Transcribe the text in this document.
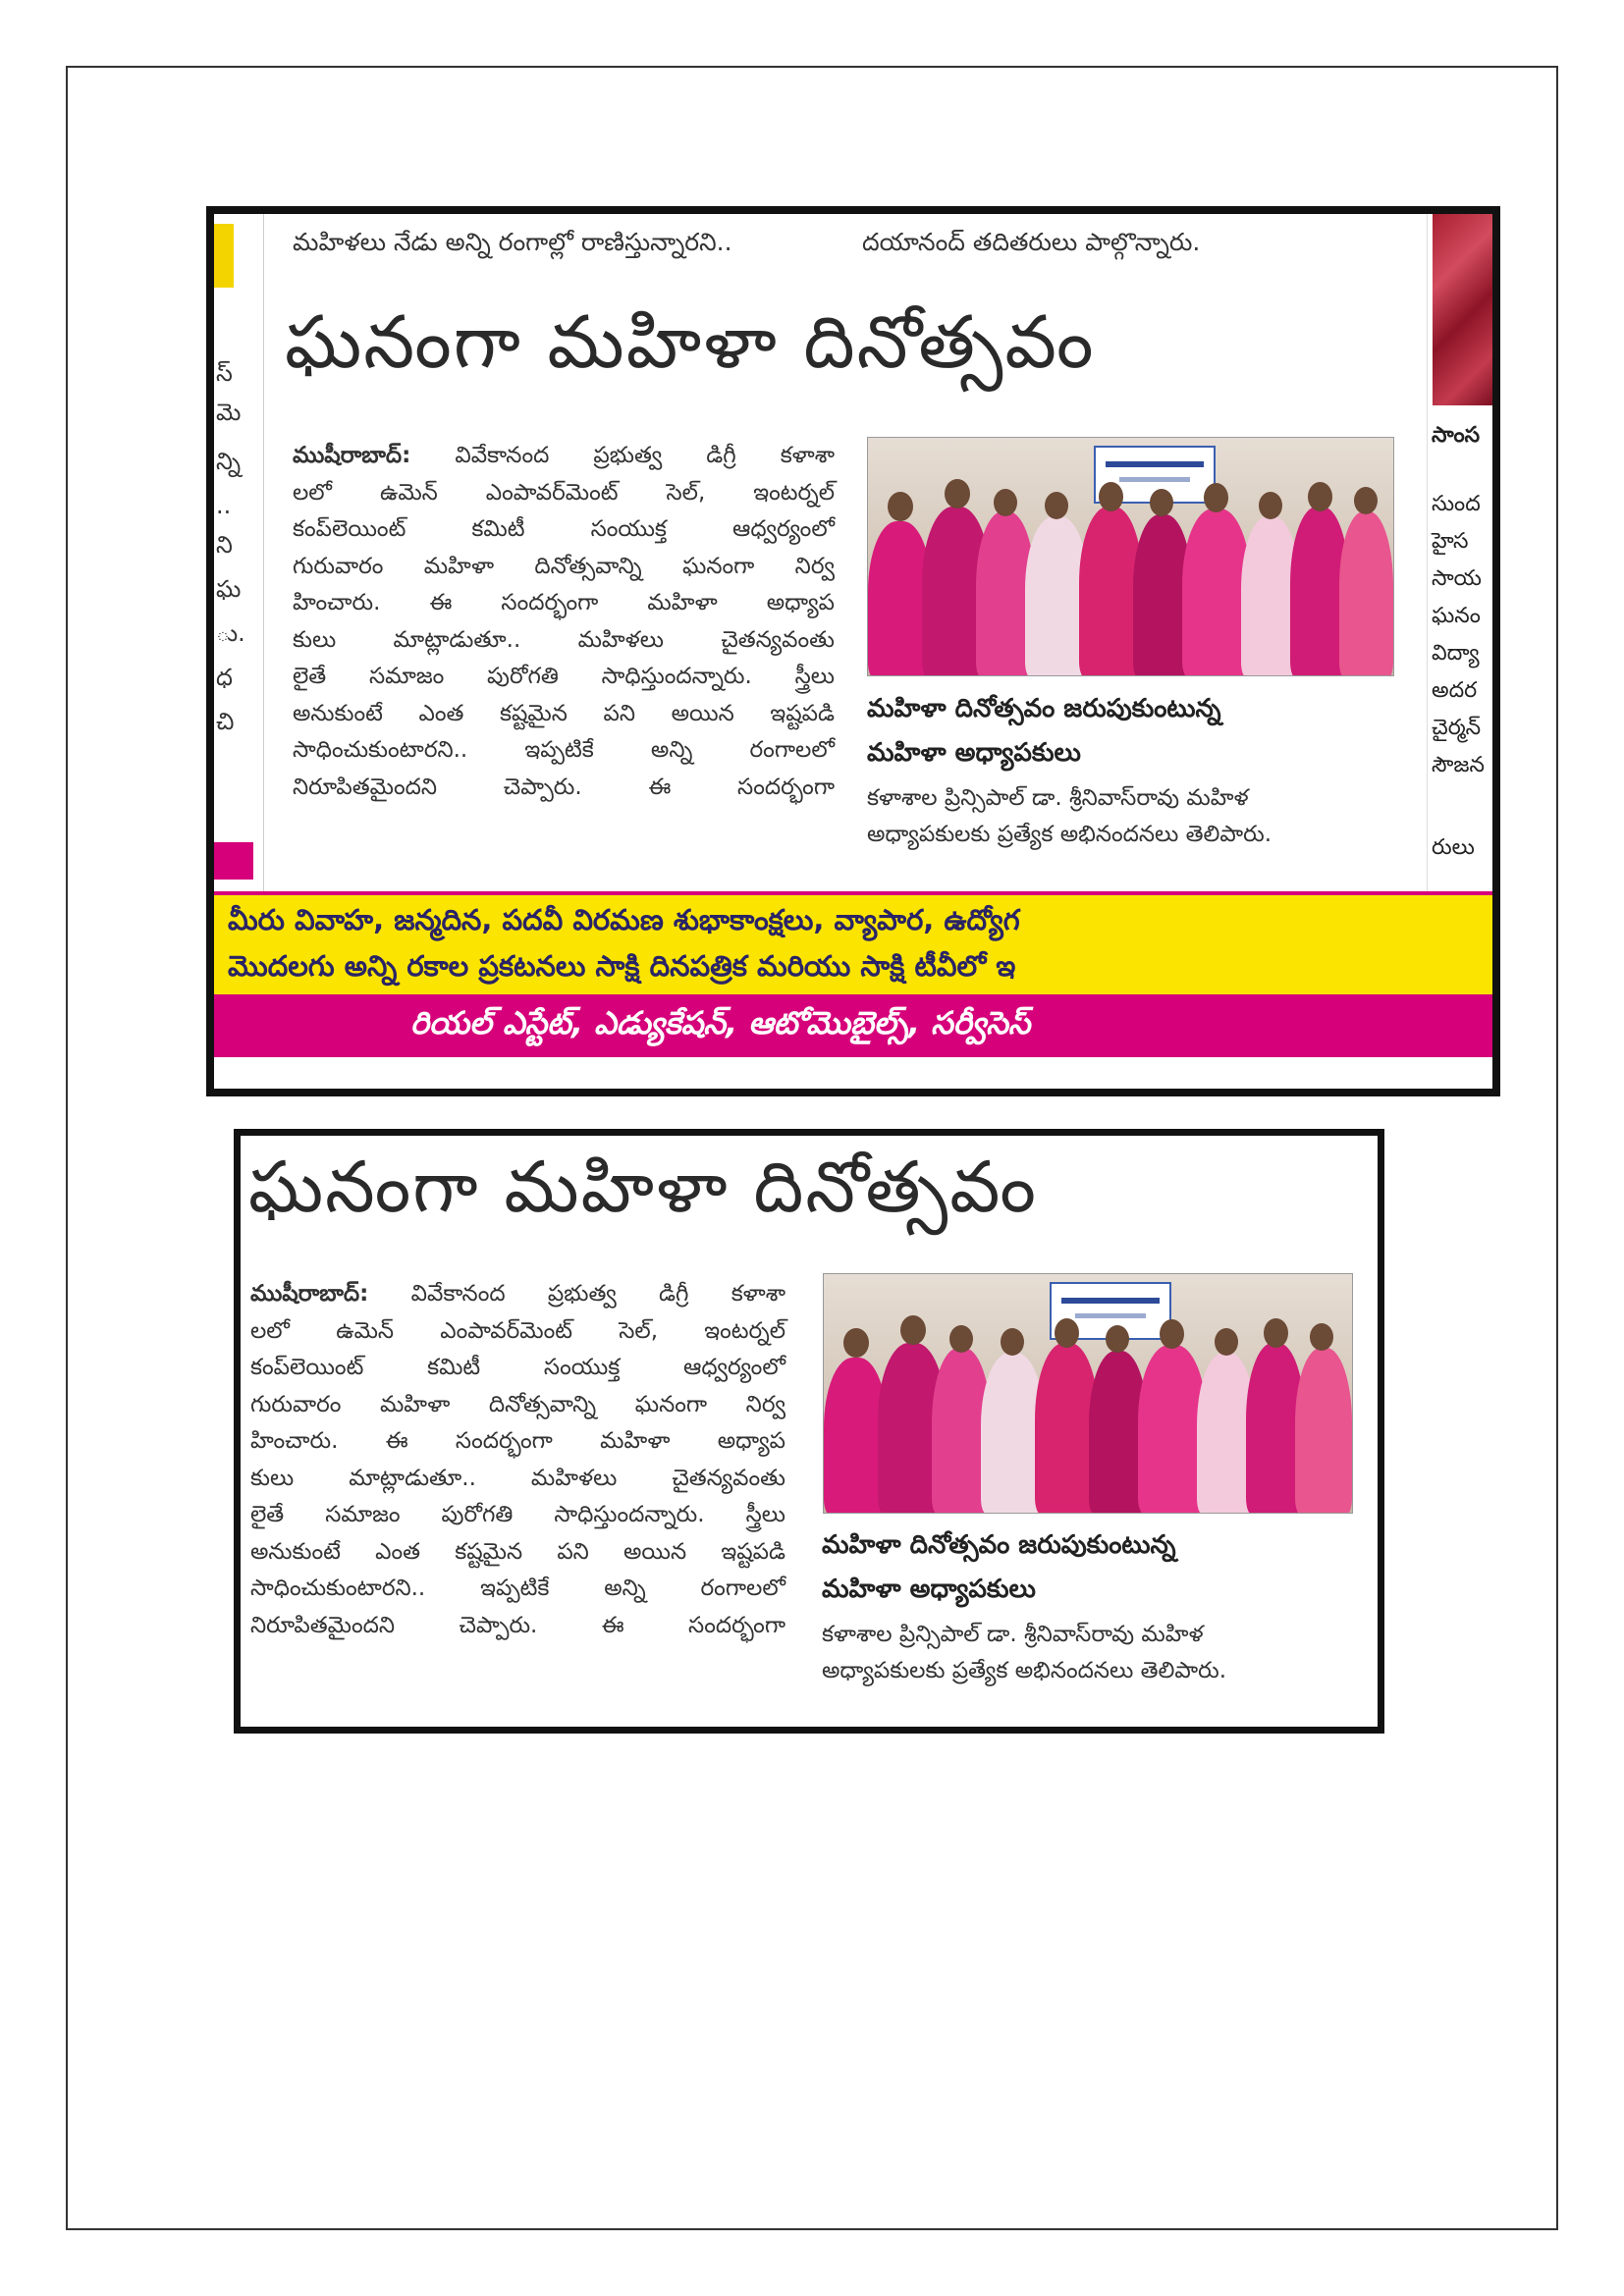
స్
మె
న్ని
..
ని
ఘ
ు.
ధ
చి
సాంస
సుంద
హైస
సాయ
ఘనం
విద్యా
అదర
చైర్మన్
సౌజన
రులు
మహిళలు నేడు అన్ని రంగాల్లో రాణిస్తున్నారని..	దయానంద్ తదితరులు పాల్గొన్నారు.
ఘనంగా మహిళా దినోత్సవం
ముషీరాబాద్: వివేకానంద ప్రభుత్వ డిగ్రీ కళాశా
లలో ఉమెన్ ఎంపావర్‌మెంట్ సెల్, ఇంటర్నల్
కంప్‌లెయింట్ కమిటీ సంయుక్త ఆధ్వర్యంలో
గురువారం మహిళా దినోత్సవాన్ని ఘనంగా నిర్వ
హించారు. ఈ సందర్భంగా మహిళా అధ్యాప
కులు మాట్లాడుతూ.. మహిళలు చైతన్యవంతు
లైతే సమాజం పురోగతి సాధిస్తుందన్నారు. స్త్రీలు
అనుకుంటే ఎంత కష్టమైన పని అయిన ఇష్టపడి
సాధించుకుంటారని.. ఇప్పటికే అన్ని రంగాలలో
నిరూపితమైందని చెప్పారు. ఈ సందర్భంగా
మహిళా దినోత్సవం జరుపుకుంటున్న
మహిళా అధ్యాపకులు
కళాశాల ప్రిన్సిపాల్ డా. శ్రీనివాస్‌రావు మహిళ
అధ్యాపకులకు ప్రత్యేక అభినందనలు తెలిపారు.
మీరు వివాహ, జన్మదిన, పదవీ విరమణ శుభాకాంక్షలు, వ్యాపార, ఉద్యోగ
మొదలగు అన్ని రకాల ప్రకటనలు సాక్షి దినపత్రిక మరియు సాక్షి టీవీలో ఇ
రియల్ ఎస్టేట్, ఎడ్యుకేషన్, ఆటోమొబైల్స్, సర్వీసెస్
ఘనంగా మహిళా దినోత్సవం
ముషీరాబాద్: వివేకానంద ప్రభుత్వ డిగ్రీ కళాశా
లలో ఉమెన్ ఎంపావర్‌మెంట్ సెల్, ఇంటర్నల్
కంప్‌లెయింట్ కమిటీ సంయుక్త ఆధ్వర్యంలో
గురువారం మహిళా దినోత్సవాన్ని ఘనంగా నిర్వ
హించారు. ఈ సందర్భంగా మహిళా అధ్యాప
కులు మాట్లాడుతూ.. మహిళలు చైతన్యవంతు
లైతే సమాజం పురోగతి సాధిస్తుందన్నారు. స్త్రీలు
అనుకుంటే ఎంత కష్టమైన పని అయిన ఇష్టపడి
సాధించుకుంటారని.. ఇప్పటికే అన్ని రంగాలలో
నిరూపితమైందని చెప్పారు. ఈ సందర్భంగా
మహిళా దినోత్సవం జరుపుకుంటున్న
మహిళా అధ్యాపకులు
కళాశాల ప్రిన్సిపాల్ డా. శ్రీనివాస్‌రావు మహిళ
అధ్యాపకులకు ప్రత్యేక అభినందనలు తెలిపారు.
